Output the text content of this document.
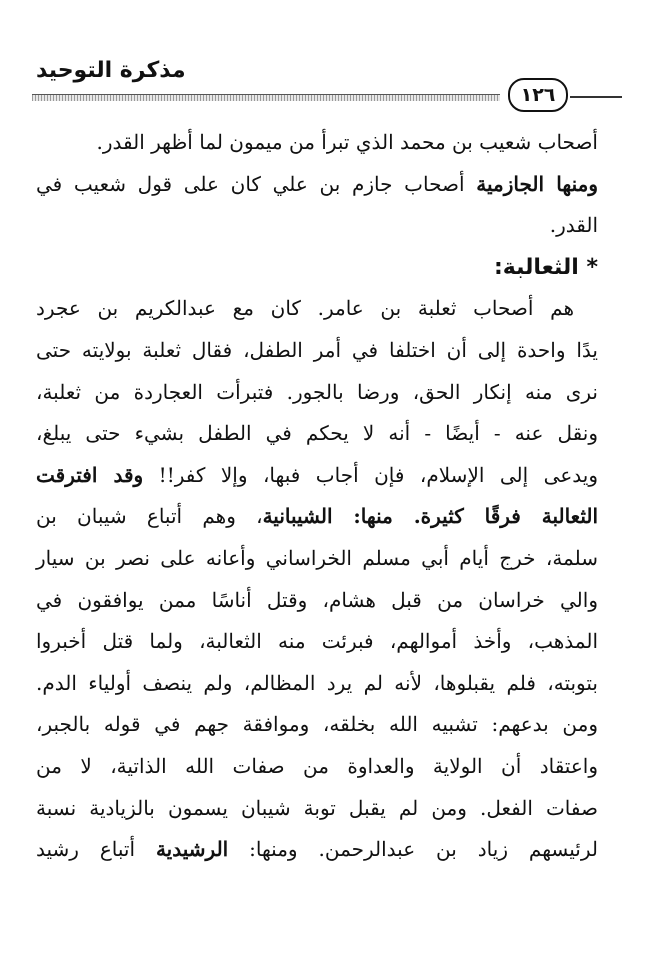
مذكرة التوحيد
١٢٦
أصحاب شعيب بن محمد الذي تبرأ من ميمون لما أظهر القدر.
ومنها الجازمية أصحاب جازم بن علي كان على قول شعيب في
القدر.
* الثعالبة:
هم أصحاب ثعلبة بن عامر. كان مع عبدالكريم بن عجرد
يدًا واحدة إلى أن اختلفا في أمر الطفل، فقال ثعلبة بولايته حتى
نرى منه إنكار الحق، ورضا بالجور. فتبرأت العجاردة من ثعلبة،
ونقل عنه - أيضًا - أنه لا يحكم في الطفل بشيء حتى يبلغ،
ويدعى إلى الإسلام، فإن أجاب فبها، وإلا كفر!! وقد افترقت
الثعالبة فرقًا كثيرة. منها: الشيبانية، وهم أتباع شيبان بن
سلمة، خرج أيام أبي مسلم الخراساني وأعانه على نصر بن سيار
والي خراسان من قبل هشام، وقتل أناسًا ممن يوافقون في
المذهب، وأخذ أموالهم، فبرئت منه الثعالبة، ولما قتل أخبروا
بتوبته، فلم يقبلوها، لأنه لم يرد المظالم، ولم ينصف أولياء الدم.
ومن بدعهم: تشبيه الله بخلقه، وموافقة جهم في قوله بالجبر،
واعتقاد أن الولاية والعداوة من صفات الله الذاتية، لا من
صفات الفعل. ومن لم يقبل توبة شيبان يسمون بالزيادية نسبة
لرئيسهم زياد بن عبدالرحمن. ومنها: الرشيدية أتباع رشيد
